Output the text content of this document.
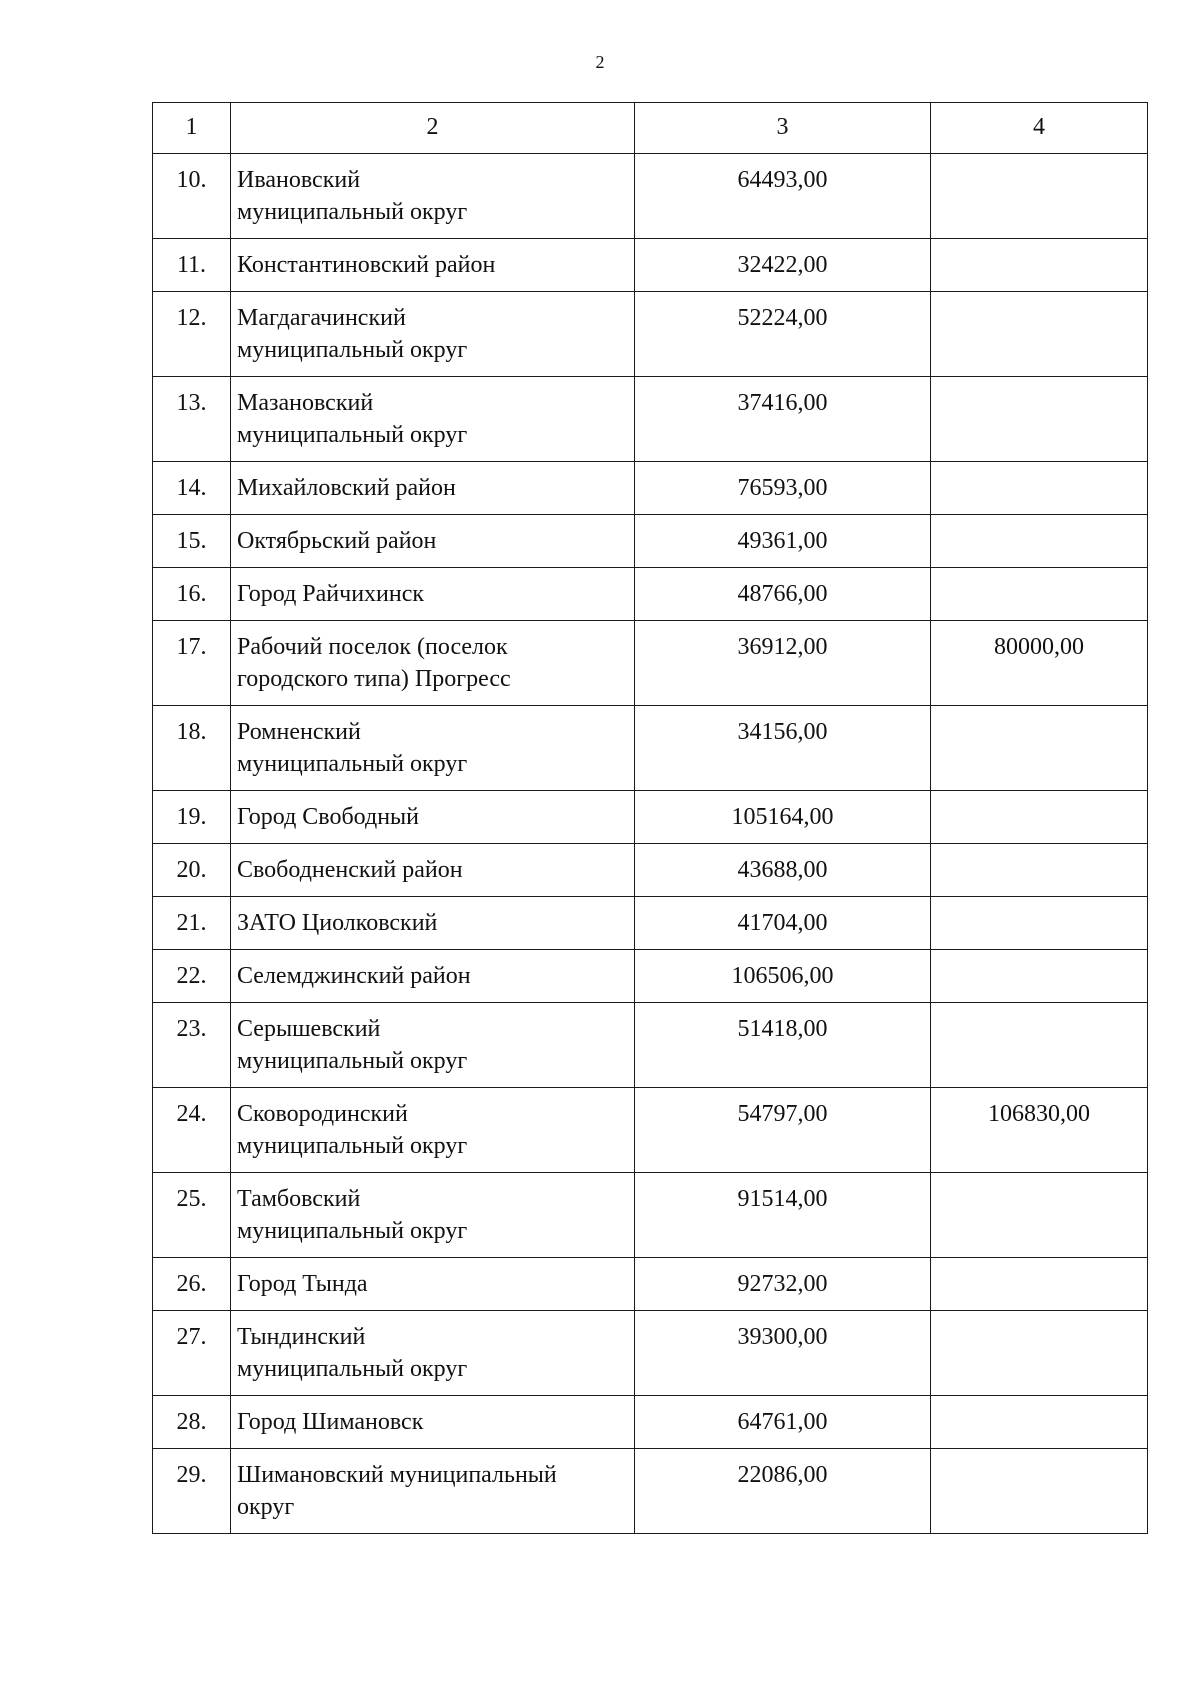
2
1	2	3	4
10.	Ивановский
муниципальный округ	64493,00	
11.	Константиновский район	32422,00	
12.	Магдагачинский
муниципальный округ	52224,00	
13.	Мазановский
муниципальный округ	37416,00	
14.	Михайловский район	76593,00	
15.	Октябрьский район	49361,00	
16.	Город Райчихинск	48766,00	
17.	Рабочий поселок (поселок
городского типа) Прогресс	36912,00	80000,00
18.	Ромненский
муниципальный округ	34156,00	
19.	Город Свободный	105164,00	
20.	Свободненский район	43688,00	
21.	ЗАТО Циолковский	41704,00	
22.	Селемджинский район	106506,00	
23.	Серышевский
муниципальный округ	51418,00	
24.	Сковородинский
муниципальный округ	54797,00	106830,00
25.	Тамбовский
муниципальный округ	91514,00	
26.	Город Тында	92732,00	
27.	Тындинский
муниципальный округ	39300,00	
28.	Город Шимановск	64761,00	
29.	Шимановский муниципальный
округ	22086,00	
